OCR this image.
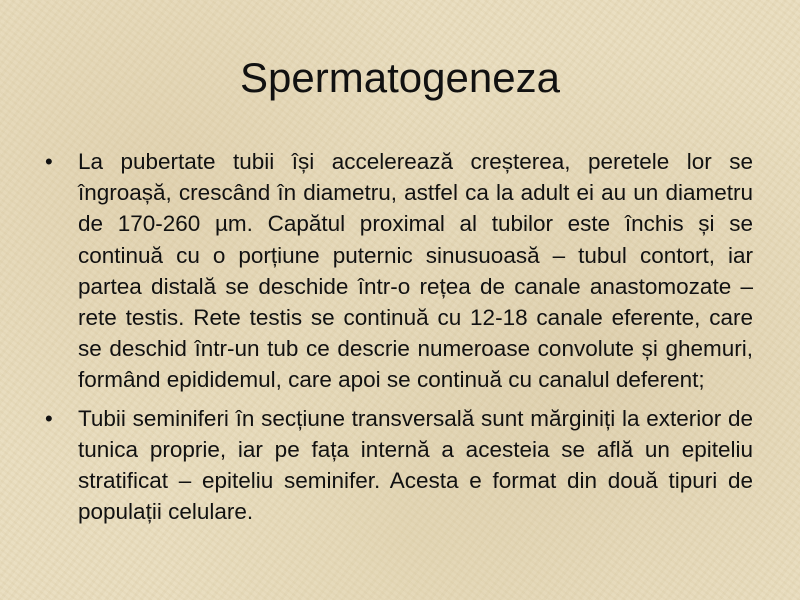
Spermatogeneza
• La pubertate tubii își accelerează creșterea, peretele lor se îngroașă, crescând în diametru, astfel ca la adult ei au un diametru de 170-260 µm. Capătul proximal al tubilor este închis și se continuă cu o porțiune puternic sinusuoasă – tubul contort, iar partea distală se deschide într-o rețea de canale anastomozate – rete testis. Rete testis se continuă cu 12-18 canale eferente, care se deschid într-un tub ce descrie numeroase convolute și ghemuri, formând epididemul, care apoi se continuă cu canalul deferent;
• Tubii seminiferi în secțiune transversală sunt mărginiți la exterior de tunica proprie, iar pe fața internă a acesteia se află un epiteliu stratificat – epiteliu seminifer. Acesta e format din două tipuri de populații celulare.
